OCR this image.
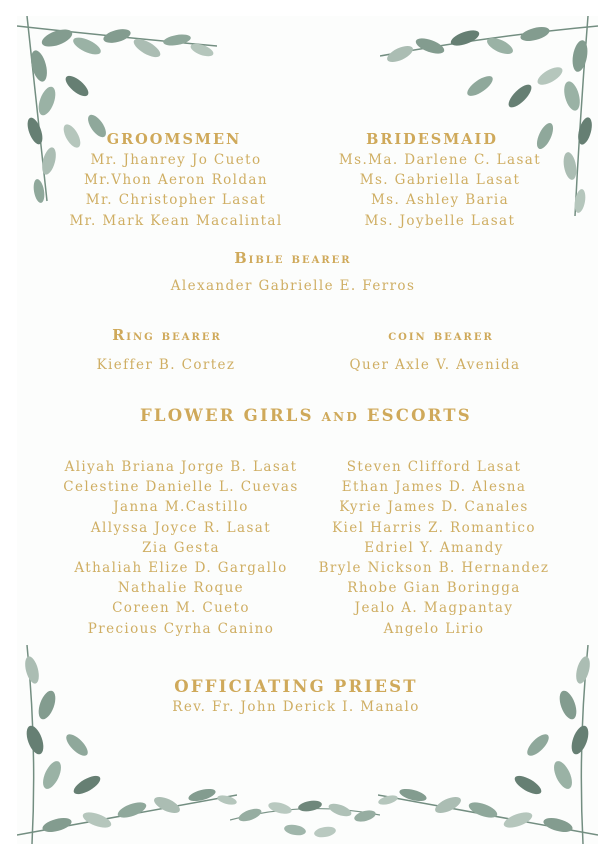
GROOMSMEN
Mr. Jhanrey Jo Cueto
Mr.Vhon Aeron Roldan
Mr. Christopher Lasat
Mr. Mark Kean Macalintal
BRIDESMAID
Ms.Ma. Darlene C. Lasat
Ms. Gabriella Lasat
Ms. Ashley Baria
Ms. Joybelle Lasat
Bible bearer
Alexander Gabrielle E. Ferros
Ring bearer
Kieffer B. Cortez
coin bearer
Quer Axle V. Avenida
FLOWER GIRLS and ESCORTS
Aliyah Briana Jorge B. Lasat
Celestine Danielle L. Cuevas
Janna M.Castillo
Allyssa Joyce R. Lasat
Zia Gesta
Athaliah Elize D. Gargallo
Nathalie Roque
Coreen M. Cueto
Precious Cyrha Canino
Steven Clifford Lasat
Ethan James D. Alesna
Kyrie James D. Canales
Kiel Harris Z. Romantico
Edriel Y. Amandy
Bryle Nickson B. Hernandez
Rhobe Gian Boringga
Jealo A. Magpantay
Angelo Lirio
OFFICIATING PRIEST
Rev. Fr. John Derick I. Manalo
